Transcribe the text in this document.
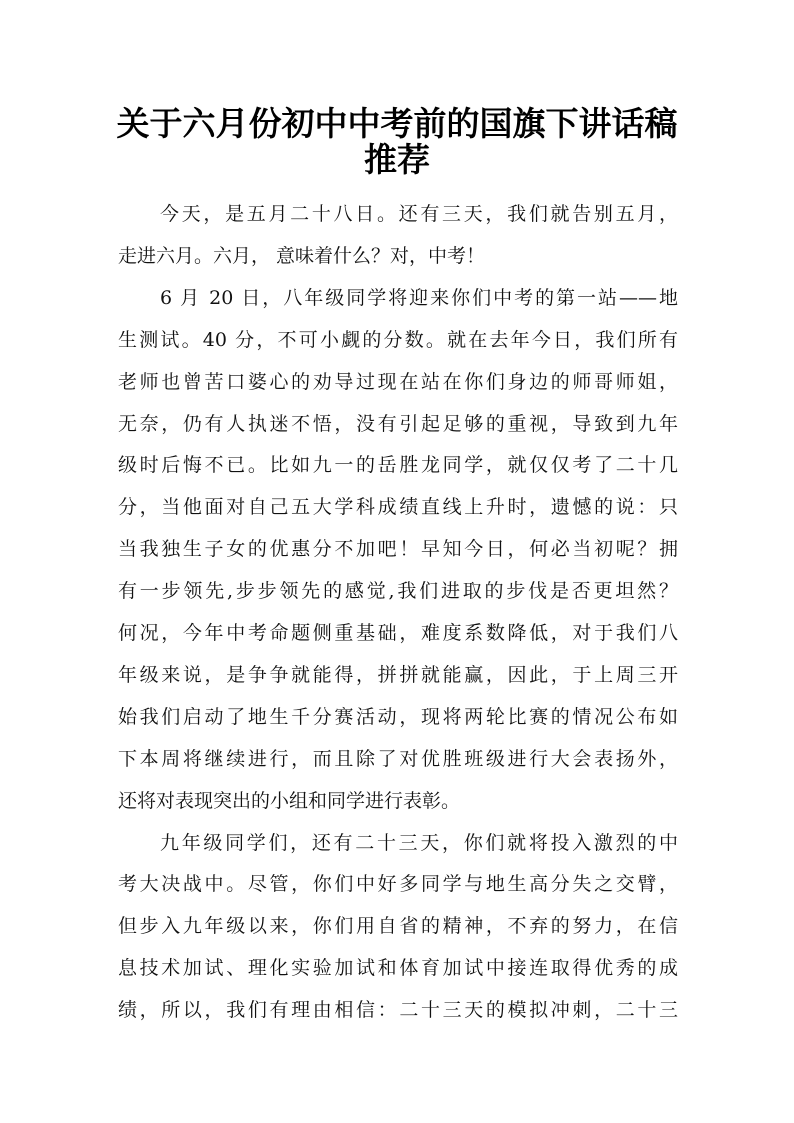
关于六月份初中中考前的国旗下讲话稿
推荐
今天，是五月二十八日。还有三天，我们就告别五月，
走进六月。六月， 意味着什么？对，中考！
6 月 20 日，八年级同学将迎来你们中考的第一站——地
生测试。40 分，不可小觑的分数。就在去年今日，我们所有
老师也曾苦口婆心的劝导过现在站在你们身边的师哥师姐，
无奈，仍有人执迷不悟，没有引起足够的重视，导致到九年
级时后悔不已。比如九一的岳胜龙同学，就仅仅考了二十几
分，当他面对自己五大学科成绩直线上升时，遗憾的说：只
当我独生子女的优惠分不加吧！早知今日，何必当初呢？拥
有一步领先,步步领先的感觉,我们进取的步伐是否更坦然？
何况，今年中考命题侧重基础，难度系数降低，对于我们八
年级来说，是争争就能得，拼拼就能赢，因此，于上周三开
始我们启动了地生千分赛活动，现将两轮比赛的情况公布如
下本周将继续进行，而且除了对优胜班级进行大会表扬外，
还将对表现突出的小组和同学进行表彰。
九年级同学们，还有二十三天，你们就将投入激烈的中
考大决战中。尽管，你们中好多同学与地生高分失之交臂，
但步入九年级以来，你们用自省的精神，不弃的努力，在信
息技术加试、理化实验加试和体育加试中接连取得优秀的成
绩，所以，我们有理由相信：二十三天的模拟冲刺，二十三
